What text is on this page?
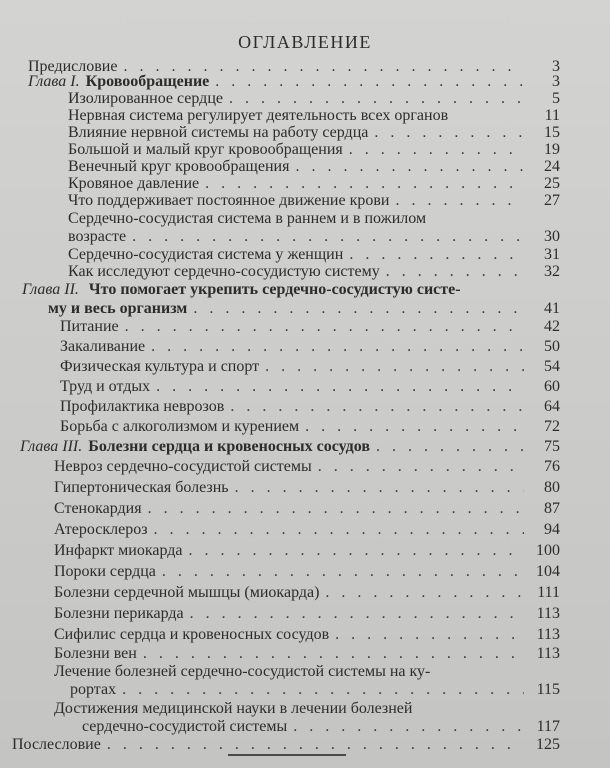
ОГЛАВЛЕНИЕ
Предисловие . . .	3
Глава I. Кровообращение . . .	3
Изолированное сердце . . .	5
Нервная система регулирует деятельность всех органов	11
Влияние нервной системы на работу сердца . . .	15
Большой и малый круг кровообращения . . .	19
Венечный круг кровообращения . . .	24
Кровяное давление . . .	25
Что поддерживает постоянное движение крови . . .	27
Сердечно-сосудистая система в раннем и в пожилом
возрасте . . .	30
Сердечно-сосудистая система у женщин . . .	31
Как исследуют сердечно-сосудистую систему . . .	32
Глава II. Что помогает укрепить сердечно-сосудистую систе-
му и весь организм . . .	41
Питание . . .	42
Закаливание . . .	50
Физическая культура и спорт . . .	54
Труд и отдых . . .	60
Профилактика неврозов . . .	64
Борьба с алкоголизмом и курением . . .	72
Глава III. Болезни сердца и кровеносных сосудов . . .	75
Невроз сердечно-сосудистой системы . . .	76
Гипертоническая болезнь . . .	80
Стенокардия . . .	87
Атеросклероз . . .	94
Инфаркт миокарда . . .	100
Пороки сердца . . .	104
Болезни сердечной мышцы (миокарда) . . .	111
Болезни перикарда . . .	113
Сифилис сердца и кровеносных сосудов . . .	113
Болезни вен . . .	113
Лечение болезней сердечно-сосудистой системы на ку-
рортах . . .	115
Достижения медицинской науки в лечении болезней
сердечно-сосудистой системы . . .	117
Послесловие . . .	125
